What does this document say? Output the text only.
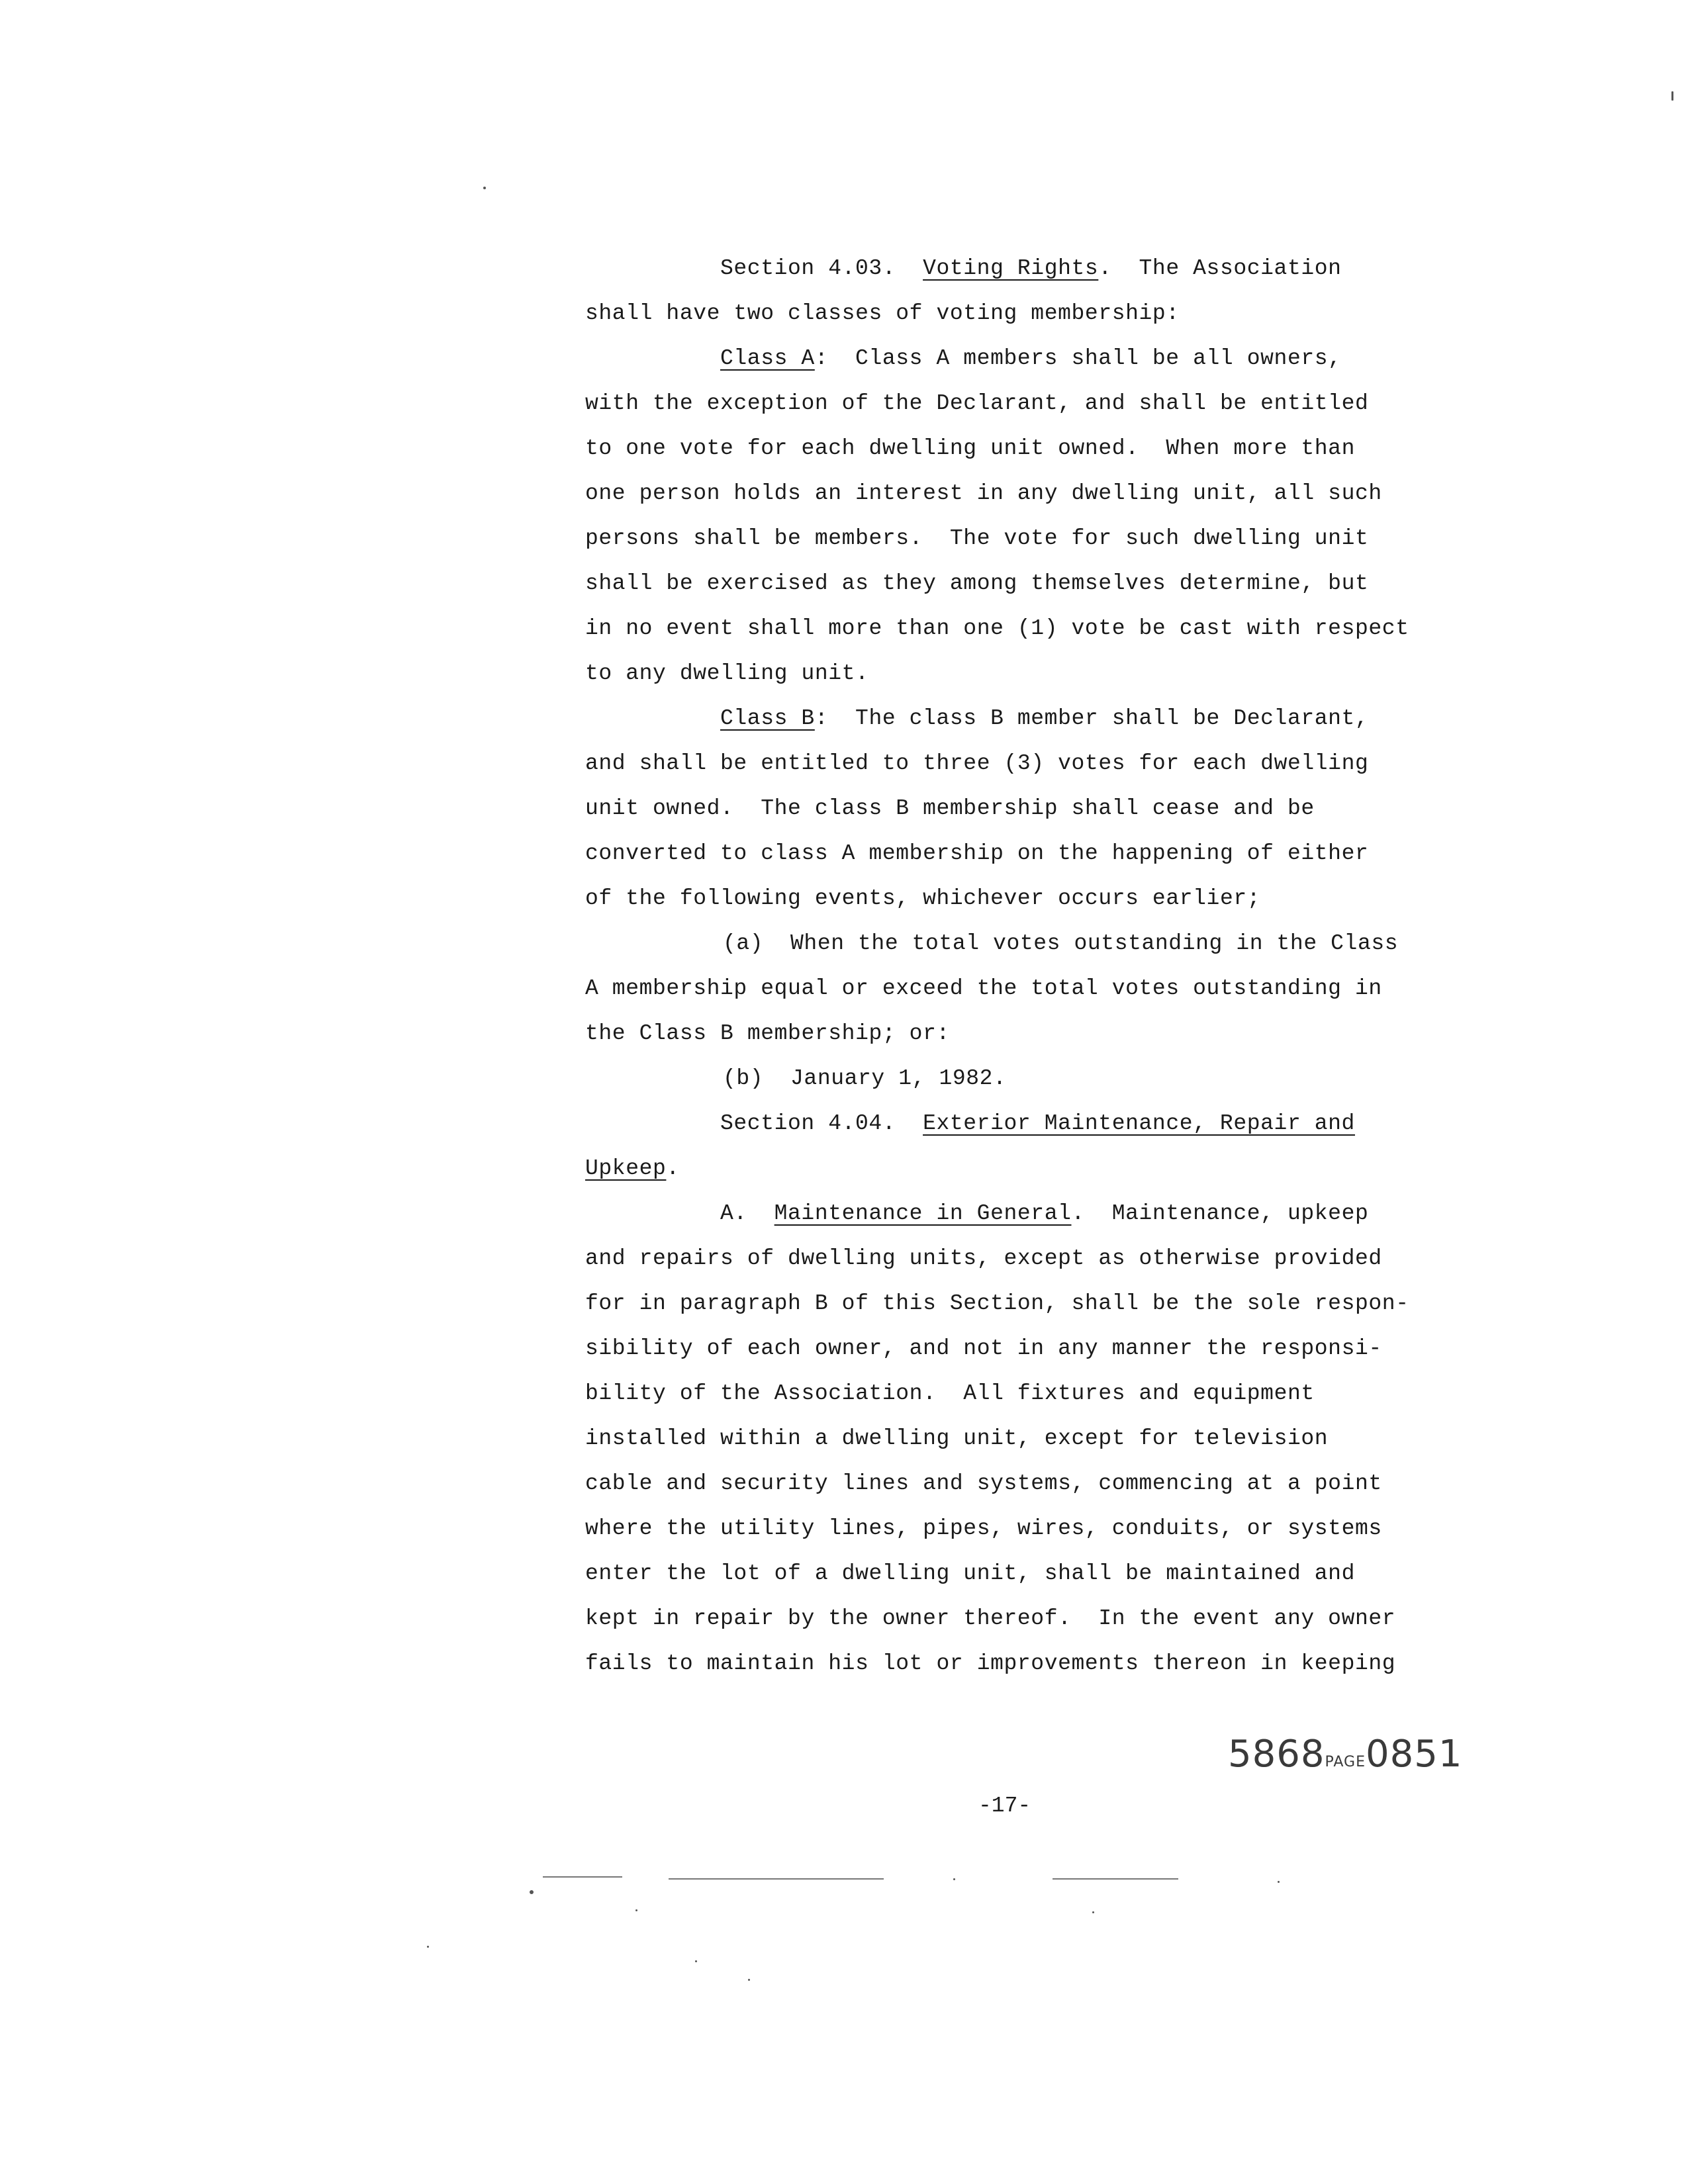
Section 4.03.  Voting Rights.  The Association
shall have two classes of voting membership:
Class A:  Class A members shall be all owners,
with the exception of the Declarant, and shall be entitled
to one vote for each dwelling unit owned.  When more than
one person holds an interest in any dwelling unit, all such
persons shall be members.  The vote for such dwelling unit
shall be exercised as they among themselves determine, but
in no event shall more than one (1) vote be cast with respect
to any dwelling unit.
Class B:  The class B member shall be Declarant,
and shall be entitled to three (3) votes for each dwelling
unit owned.  The class B membership shall cease and be
converted to class A membership on the happening of either
of the following events, whichever occurs earlier;
(a)  When the total votes outstanding in the Class
A membership equal or exceed the total votes outstanding in
the Class B membership; or:
(b)  January 1, 1982.
Section 4.04.  Exterior Maintenance, Repair and
Upkeep.
A.  Maintenance in General.  Maintenance, upkeep
and repairs of dwelling units, except as otherwise provided
for in paragraph B of this Section, shall be the sole respon-
sibility of each owner, and not in any manner the responsi-
bility of the Association.  All fixtures and equipment
installed within a dwelling unit, except for television
cable and security lines and systems, commencing at a point
where the utility lines, pipes, wires, conduits, or systems
enter the lot of a dwelling unit, shall be maintained and
kept in repair by the owner thereof.  In the event any owner
fails to maintain his lot or improvements thereon in keeping
5868PAGE0851
-17-
